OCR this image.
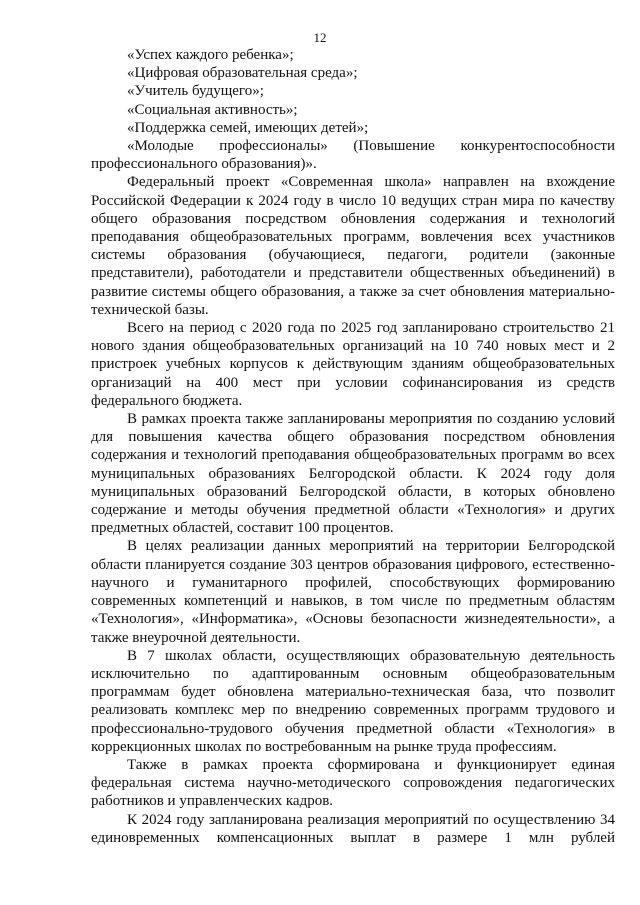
12

«Успех каждого ребенка»;

«Цифровая образовательная среда»;

«Учитель будущего»;

«Социальная активность»;

«Поддержка семей, имеющих детей»;

«Молодые профессионалы» (Повышение конкурентоспособности профессионального образования)».

Федеральный проект «Современная школа» направлен на вхождение Российской Федерации к 2024 году в число 10 ведущих стран мира по качеству общего образования посредством обновления содержания и технологий преподавания общеобразовательных программ, вовлечения всех участников системы образования (обучающиеся, педагоги, родители (законные представители), работодатели и представители общественных объединений) в развитие системы общего образования, а также за счет обновления материально-технической базы.

Всего на период с 2020 года по 2025 год запланировано строительство 21 нового здания общеобразовательных организаций на 10 740 новых мест и 2 пристроек учебных корпусов к действующим зданиям общеобразовательных организаций на 400 мест при условии софинансирования из средств федерального бюджета.

В рамках проекта также запланированы мероприятия по созданию условий для повышения качества общего образования посредством обновления содержания и технологий преподавания общеобразовательных программ во всех муниципальных образованиях Белгородской области. К 2024 году доля муниципальных образований Белгородской области, в которых обновлено содержание и методы обучения предметной области «Технология» и других предметных областей, составит 100 процентов.

В целях реализации данных мероприятий на территории Белгородской области планируется создание 303 центров образования цифрового, естественно-научного и гуманитарного профилей, способствующих формированию современных компетенций и навыков, в том числе по предметным областям «Технология», «Информатика», «Основы безопасности жизнедеятельности», а также внеурочной деятельности.

В 7 школах области, осуществляющих образовательную деятельность исключительно по адаптированным основным общеобразовательным программам будет обновлена материально-техническая база, что позволит реализовать комплекс мер по внедрению современных программ трудового и профессионально-трудового обучения предметной области «Технология» в коррекционных школах по востребованным на рынке труда профессиям.

Также в рамках проекта сформирована и функционирует единая федеральная система научно-методического сопровождения педагогических работников и управленческих кадров.

К 2024 году запланирована реализация мероприятий по осуществлению 34 единовременных компенсационных выплат в размере 1 млн рублей
